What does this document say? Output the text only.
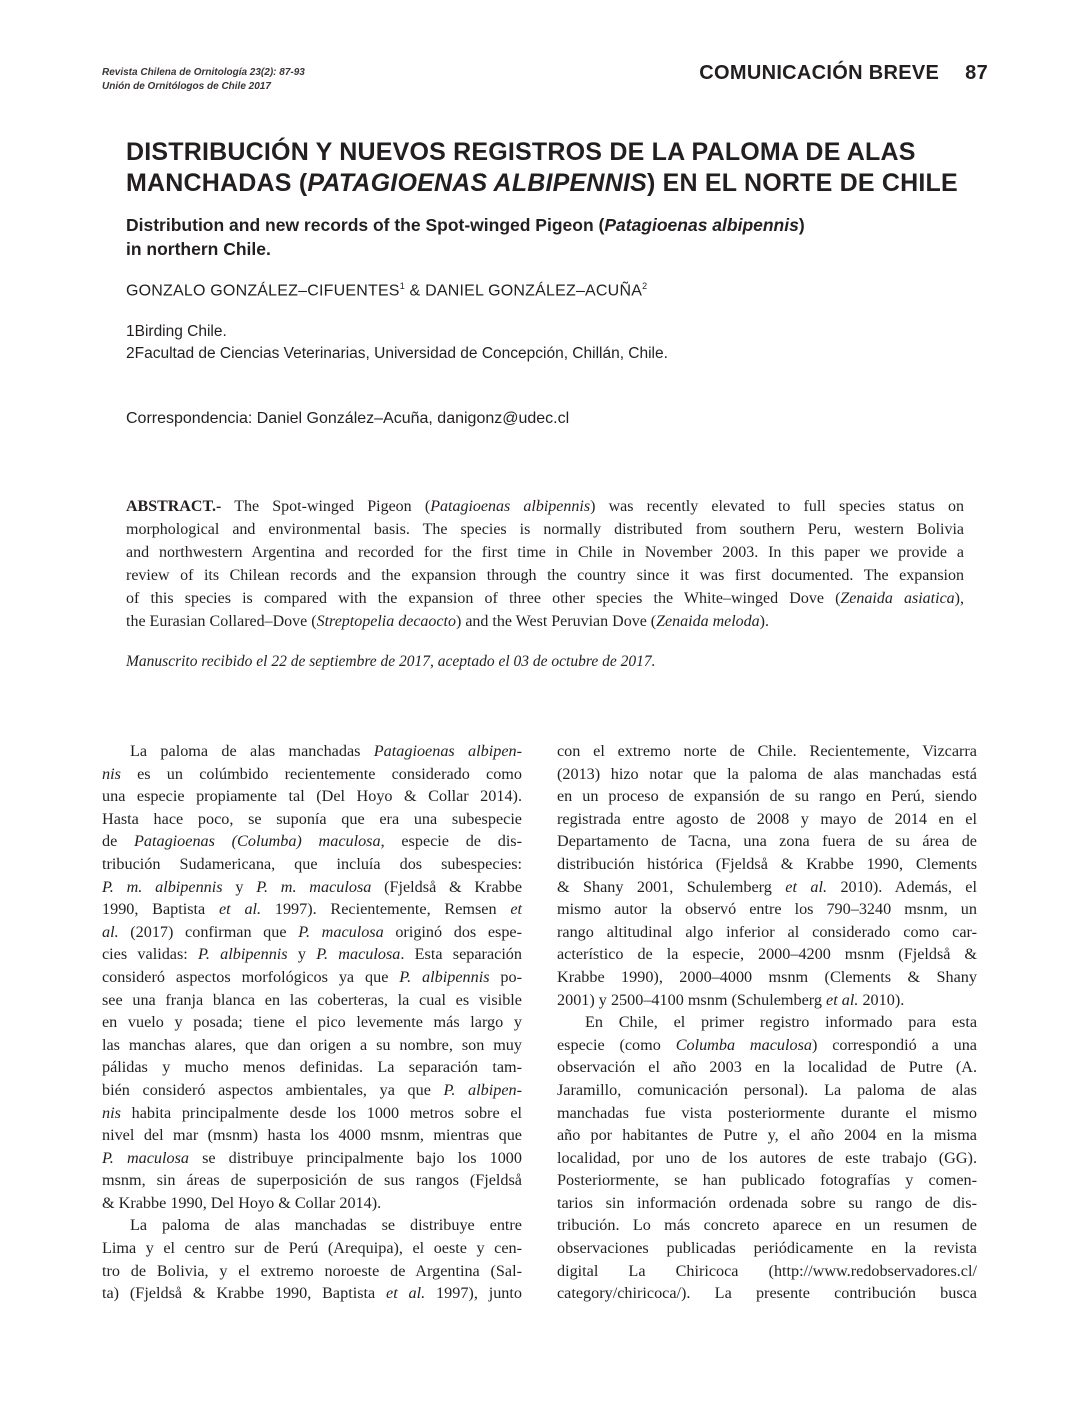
Revista Chilena de Ornitología 23(2): 87-93
Unión de Ornitólogos de Chile 2017
COMUNICACIÓN BREVE 87
DISTRIBUCIÓN Y NUEVOS REGISTROS DE LA PALOMA DE ALAS
MANCHADAS (PATAGIOENAS ALBIPENNIS) EN EL NORTE DE CHILE
Distribution and new records of the Spot-winged Pigeon (Patagioenas albipennis)
in northern Chile.
GONZALO GONZÁLEZ–CIFUENTES$^1$ & DANIEL GONZÁLEZ–ACUÑA$^2$
1Birding Chile.
2Facultad de Ciencias Veterinarias, Universidad de Concepción, Chillán, Chile.
Correspondencia: Daniel González–Acuña, danigonz@udec.cl
ABSTRACT.- The Spot-winged Pigeon (Patagioenas albipennis) was recently elevated to full species status on
morphological and environmental basis. The species is normally distributed from southern Peru, western Bolivia
and northwestern Argentina and recorded for the first time in Chile in November 2003. In this paper we provide a
review of its Chilean records and the expansion through the country since it was first documented. The expansion
of this species is compared with the expansion of three other species the White–winged Dove (Zenaida asiatica),
the Eurasian Collared–Dove (Streptopelia decaocto) and the West Peruvian Dove (Zenaida meloda).
Manuscrito recibido el 22 de septiembre de 2017, aceptado el 03 de octubre de 2017.
La paloma de alas manchadas Patagioenas albipen-
nis es un colúmbido recientemente considerado como
una especie propiamente tal (Del Hoyo & Collar 2014).
Hasta hace poco, se suponía que era una subespecie
de Patagioenas (Columba) maculosa, especie de dis-
tribución Sudamericana, que incluía dos subespecies:
P. m. albipennis y P. m. maculosa (Fjeldså & Krabbe
1990, Baptista et al. 1997). Recientemente, Remsen et
al. (2017) confirman que P. maculosa originó dos espe-
cies validas: P. albipennis y P. maculosa. Esta separación
consideró aspectos morfológicos ya que P. albipennis po-
see una franja blanca en las coberteras, la cual es visible
en vuelo y posada; tiene el pico levemente más largo y
las manchas alares, que dan origen a su nombre, son muy
pálidas y mucho menos definidas. La separación tam-
bién consideró aspectos ambientales, ya que P. albipen-
nis habita principalmente desde los 1000 metros sobre el
nivel del mar (msnm) hasta los 4000 msnm, mientras que
P. maculosa se distribuye principalmente bajo los 1000
msnm, sin áreas de superposición de sus rangos (Fjeldså
& Krabbe 1990, Del Hoyo & Collar 2014).
La paloma de alas manchadas se distribuye entre
Lima y el centro sur de Perú (Arequipa), el oeste y cen-
tro de Bolivia, y el extremo noroeste de Argentina (Sal-
ta) (Fjeldså & Krabbe 1990, Baptista et al. 1997), junto
con el extremo norte de Chile. Recientemente, Vizcarra
(2013) hizo notar que la paloma de alas manchadas está
en un proceso de expansión de su rango en Perú, siendo
registrada entre agosto de 2008 y mayo de 2014 en el
Departamento de Tacna, una zona fuera de su área de
distribución histórica (Fjeldså & Krabbe 1990, Clements
& Shany 2001, Schulemberg et al. 2010). Además, el
mismo autor la observó entre los 790–3240 msnm, un
rango altitudinal algo inferior al considerado como car-
acterístico de la especie, 2000–4200 msnm (Fjeldså &
Krabbe 1990), 2000–4000 msnm (Clements & Shany
2001) y 2500–4100 msnm (Schulemberg et al. 2010).
En Chile, el primer registro informado para esta
especie (como Columba maculosa) correspondió a una
observación el año 2003 en la localidad de Putre (A.
Jaramillo, comunicación personal). La paloma de alas
manchadas fue vista posteriormente durante el mismo
año por habitantes de Putre y, el año 2004 en la misma
localidad, por uno de los autores de este trabajo (GG).
Posteriormente, se han publicado fotografías y comen-
tarios sin información ordenada sobre su rango de dis-
tribución. Lo más concreto aparece en un resumen de
observaciones publicadas periódicamente en la revista
digital La Chiricoca (http://www.redobservadores.cl/
category/chiricoca/). La presente contribución busca
